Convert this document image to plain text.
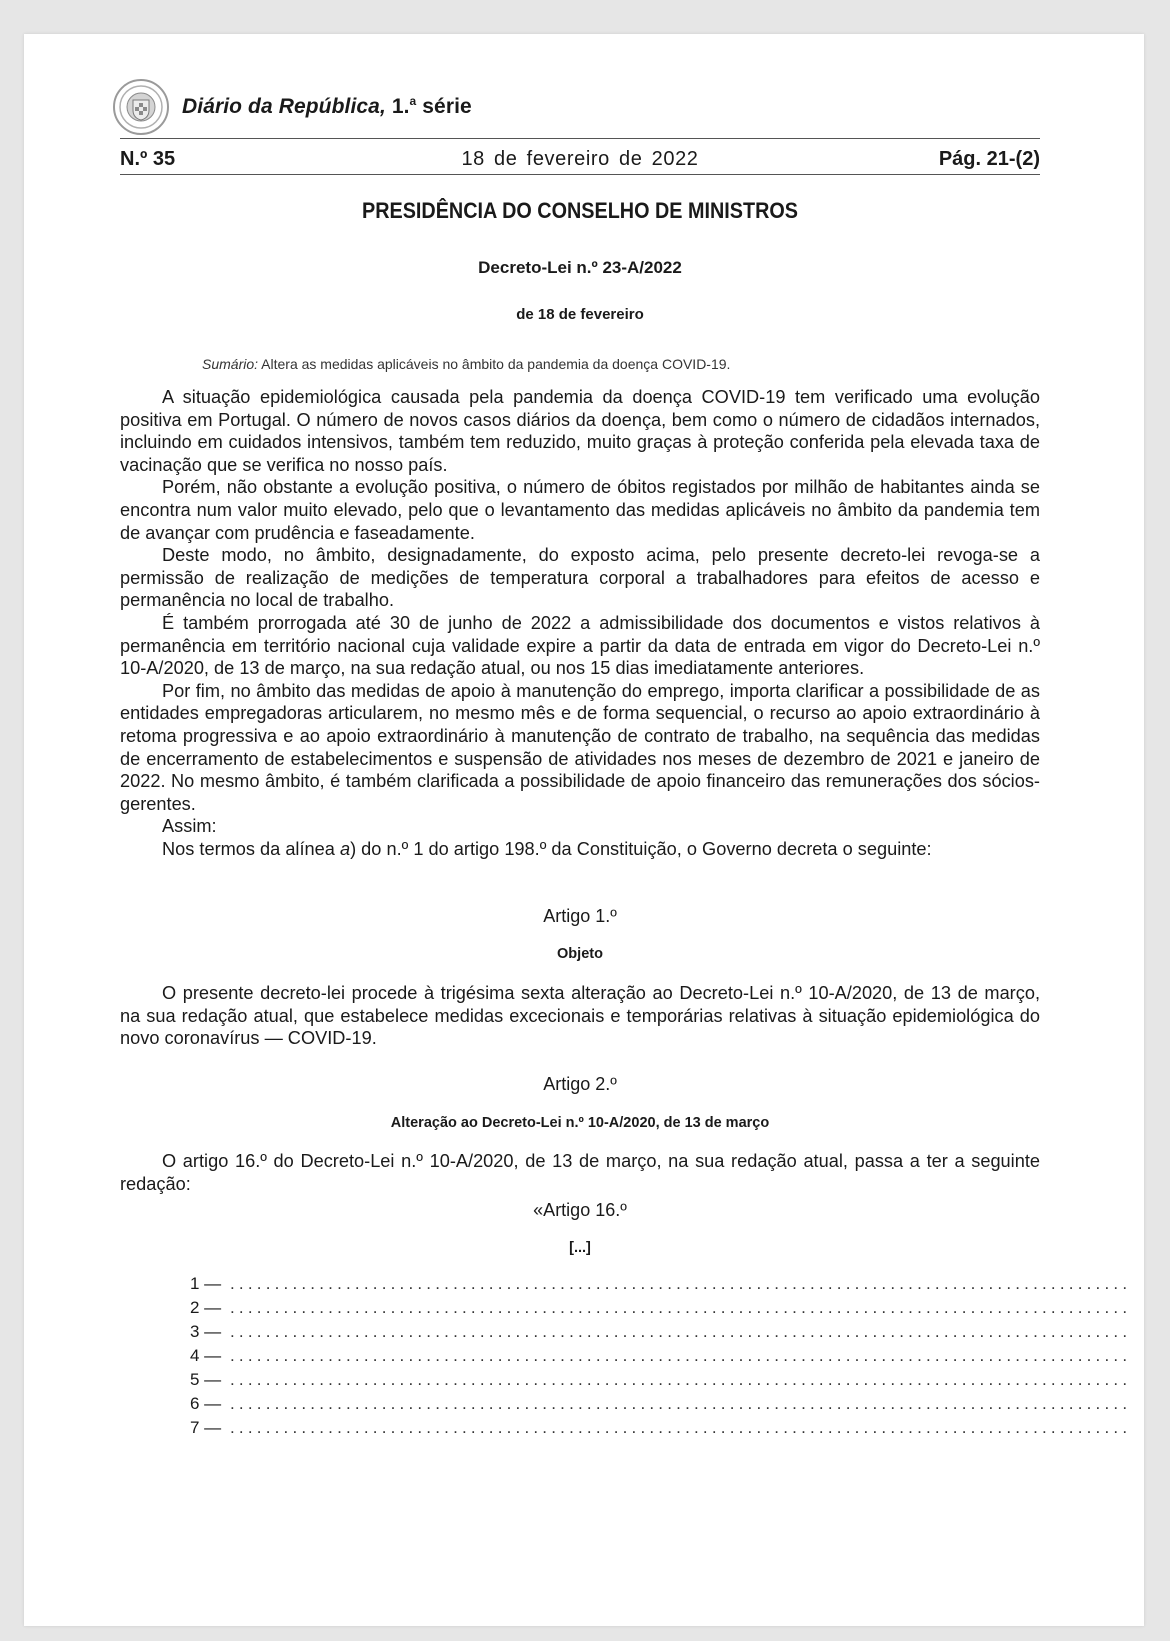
Diário da República, 1.$^a$ série
N.º 35	18 de fevereiro de 2022	Pág. 21-(2)
PRESIDÊNCIA DO CONSELHO DE MINISTROS
Decreto-Lei n.º 23-A/2022
de 18 de fevereiro
Sumário: Altera as medidas aplicáveis no âmbito da pandemia da doença COVID-19.

A situação epidemiológica causada pela pandemia da doença COVID-19 tem verificado uma evolução positiva em Portugal. O número de novos casos diários da doença, bem como o número de cidadãos internados, incluindo em cuidados intensivos, também tem reduzido, muito graças à proteção conferida pela elevada taxa de vacinação que se verifica no nosso país.

Porém, não obstante a evolução positiva, o número de óbitos registados por milhão de habitantes ainda se encontra num valor muito elevado, pelo que o levantamento das medidas aplicáveis no âmbito da pandemia tem de avançar com prudência e faseadamente.

Deste modo, no âmbito, designadamente, do exposto acima, pelo presente decreto-lei revoga-se a permissão de realização de medições de temperatura corporal a trabalhadores para efeitos de acesso e permanência no local de trabalho.

É também prorrogada até 30 de junho de 2022 a admissibilidade dos documentos e vistos relativos à permanência em território nacional cuja validade expire a partir da data de entrada em vigor do Decreto-Lei n.º 10-A/2020, de 13 de março, na sua redação atual, ou nos 15 dias imediatamente anteriores.

Por fim, no âmbito das medidas de apoio à manutenção do emprego, importa clarificar a possibilidade de as entidades empregadoras articularem, no mesmo mês e de forma sequencial, o recurso ao apoio extraordinário à retoma progressiva e ao apoio extraordinário à manutenção de contrato de trabalho, na sequência das medidas de encerramento de estabelecimentos e suspensão de atividades nos meses de dezembro de 2021 e janeiro de 2022. No mesmo âmbito, é também clarificada a possibilidade de apoio financeiro das remunerações dos sócios-gerentes.

Assim:

Nos termos da alínea a) do n.º 1 do artigo 198.º da Constituição, o Governo decreta o seguinte:

Artigo 1.º
Objeto

O presente decreto-lei procede à trigésima sexta alteração ao Decreto-Lei n.º 10-A/2020, de 13 de março, na sua redação atual, que estabelece medidas excecionais e temporárias relativas à situação epidemiológica do novo coronavírus — COVID-19.

Artigo 2.º
Alteração ao Decreto-Lei n.º 10-A/2020, de 13 de março

O artigo 16.º do Decreto-Lei n.º 10-A/2020, de 13 de março, na sua redação atual, passa a ter a seguinte redação:

«Artigo 16.º
[...]
1 — .....................................................................................................
2 — .....................................................................................................
3 — .....................................................................................................
4 — .....................................................................................................
5 — .....................................................................................................
6 — .....................................................................................................
7 — .....................................................................................................
